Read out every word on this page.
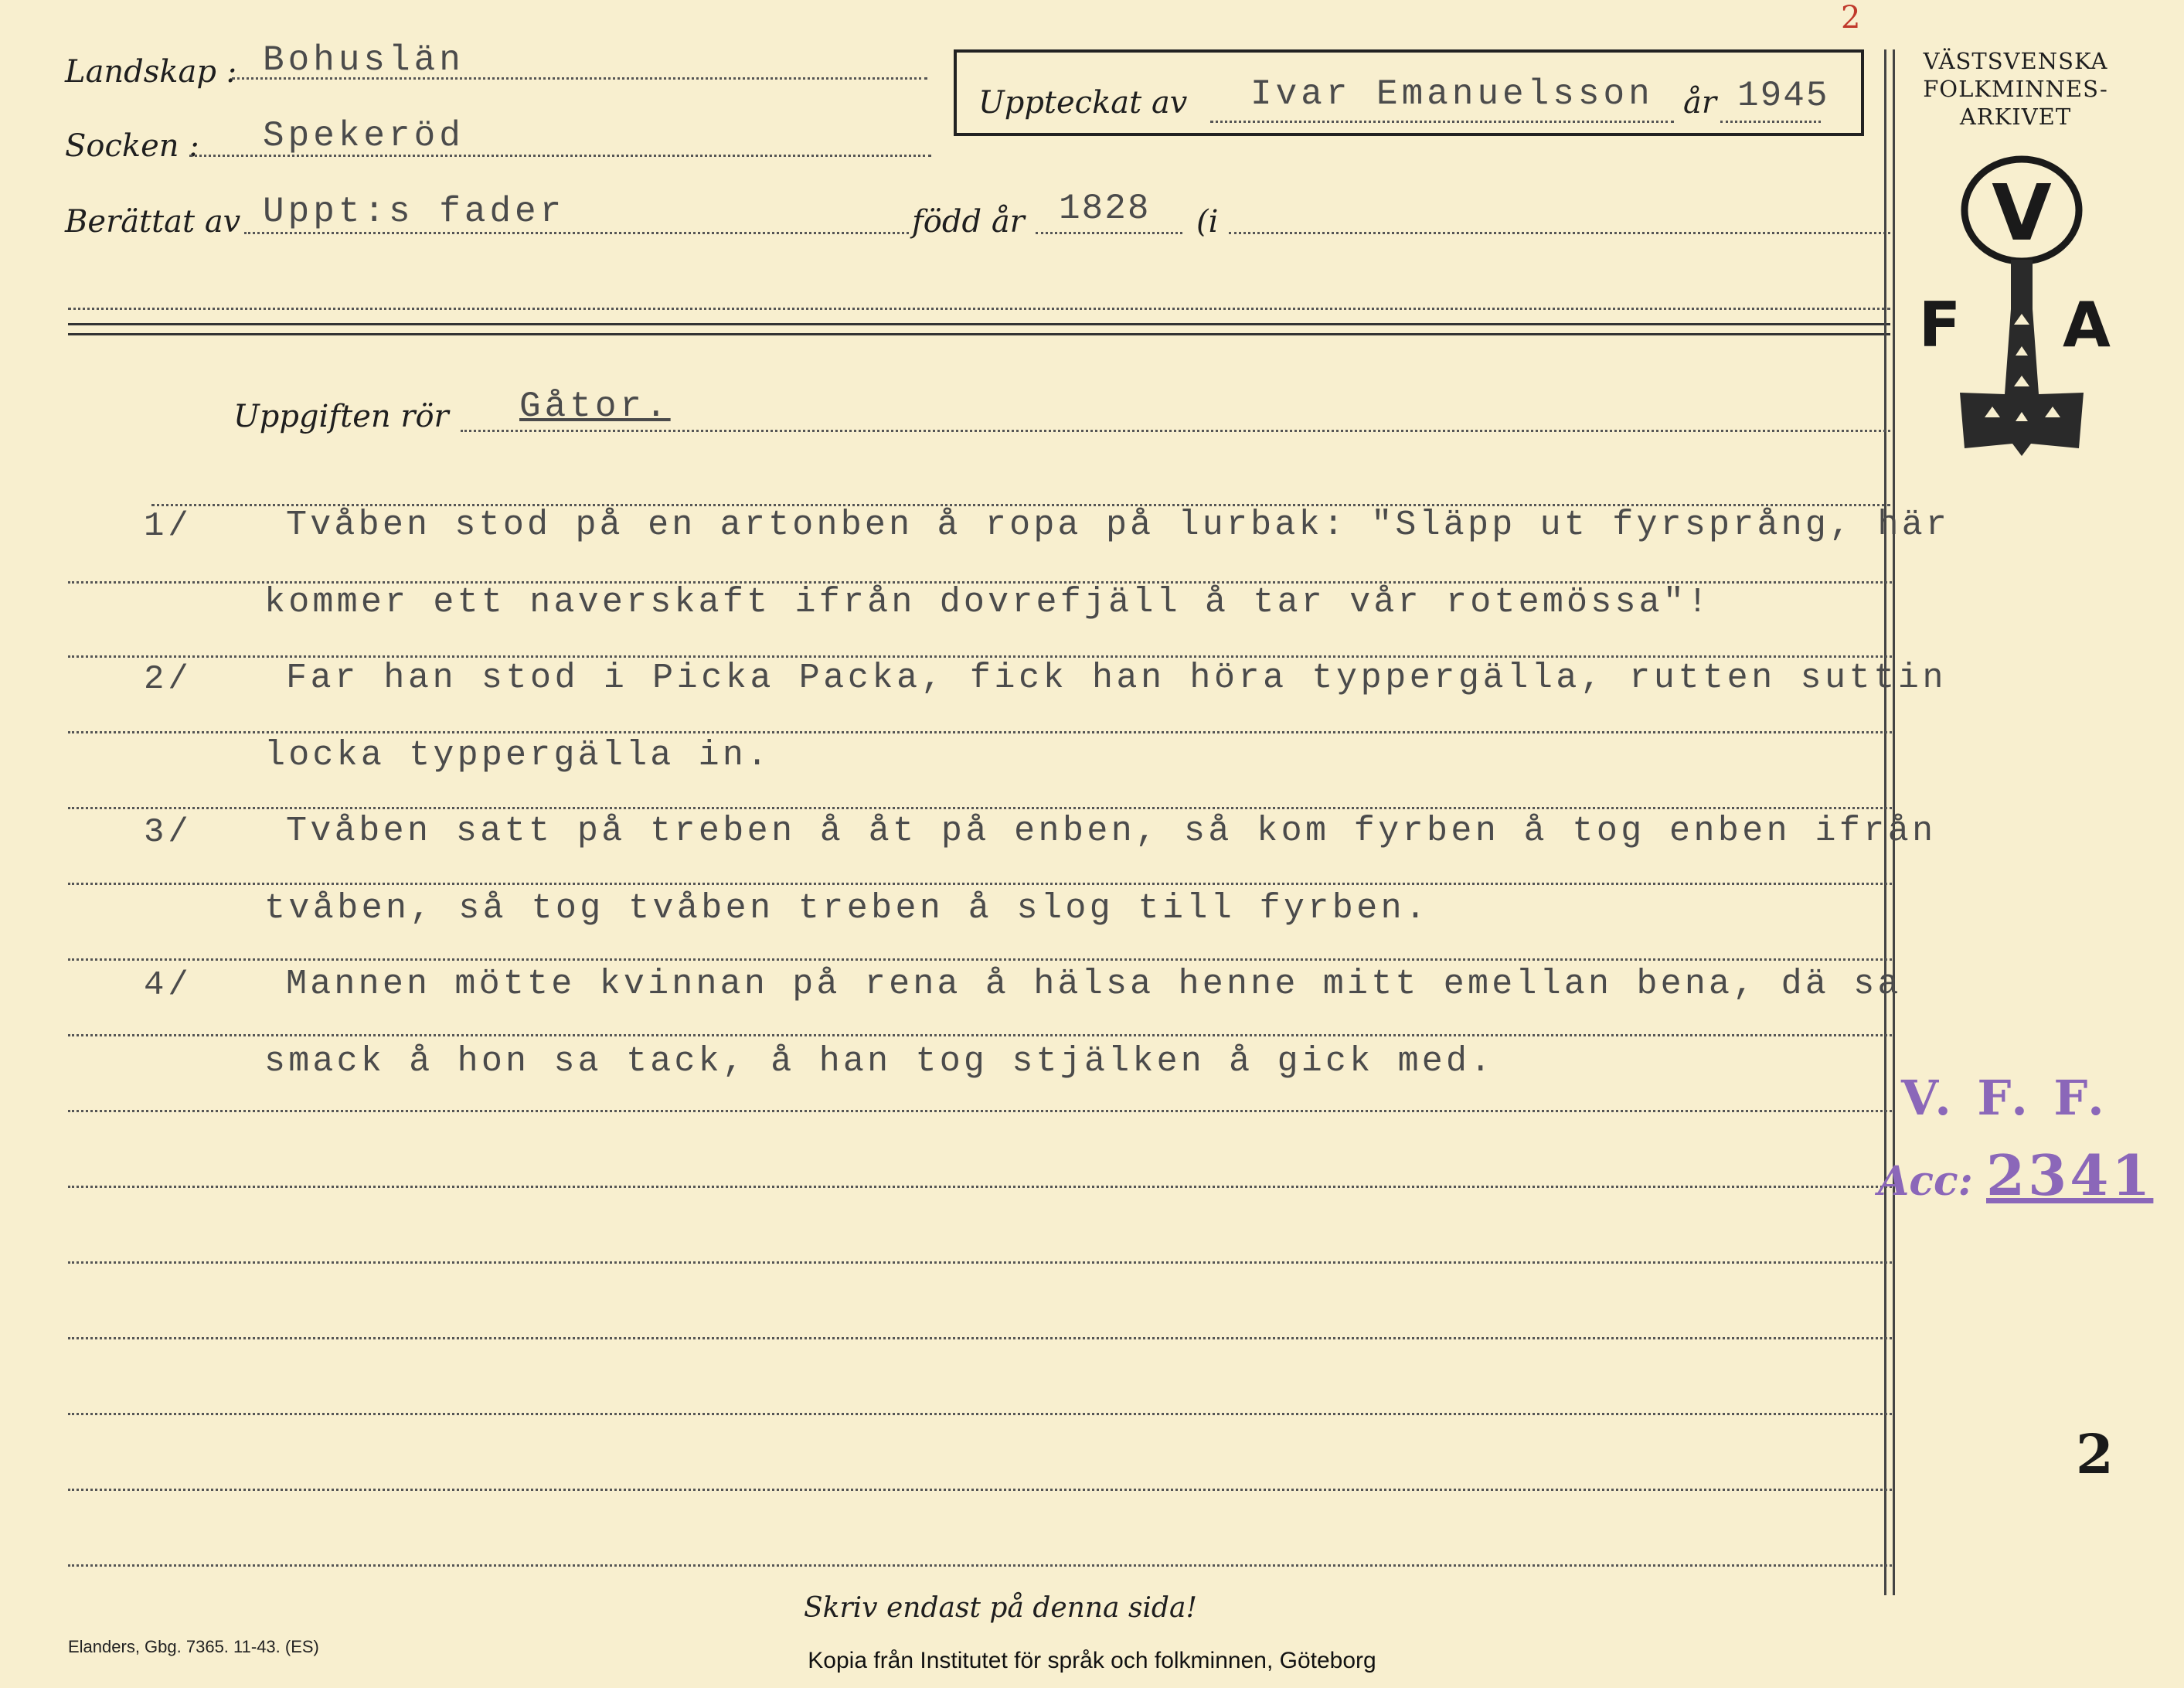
2
Landskap : Bohuslän
Socken : Spekeröd
Uppteckat av Ivar Emanuelsson år 1945
Berättat av Uppt:s fader	född år 1828 (i
VÄSTSVENSKA
FOLKMINNES-
ARKIVET
V
F A
Uppgiften rör Gåtor.
1/	Tvåben stod på en artonben å ropa på lurbak: "Släpp ut fyrsprång, här
kommer ett naverskaft ifrån dovrefjäll å tar vår rotemössa"!
2/	Far han stod i Picka Packa, fick han höra typpergälla, rutten suttin
locka typpergälla in.
3/	Tvåben satt på treben å åt på enben, så kom fyrben å tog enben ifrån
tvåben, så tog tvåben treben å slog till fyrben.
4/	Mannen mötte kvinnan på rena å hälsa henne mitt emellan bena, dä sa
smack å hon sa tack, å han tog stjälken å gick med.
V. F. F.
Acc: 2341
2
Skriv endast på denna sida!
Elanders, Gbg. 7365. 11-43. (ES)
Kopia från Institutet för språk och folkminnen, Göteborg
